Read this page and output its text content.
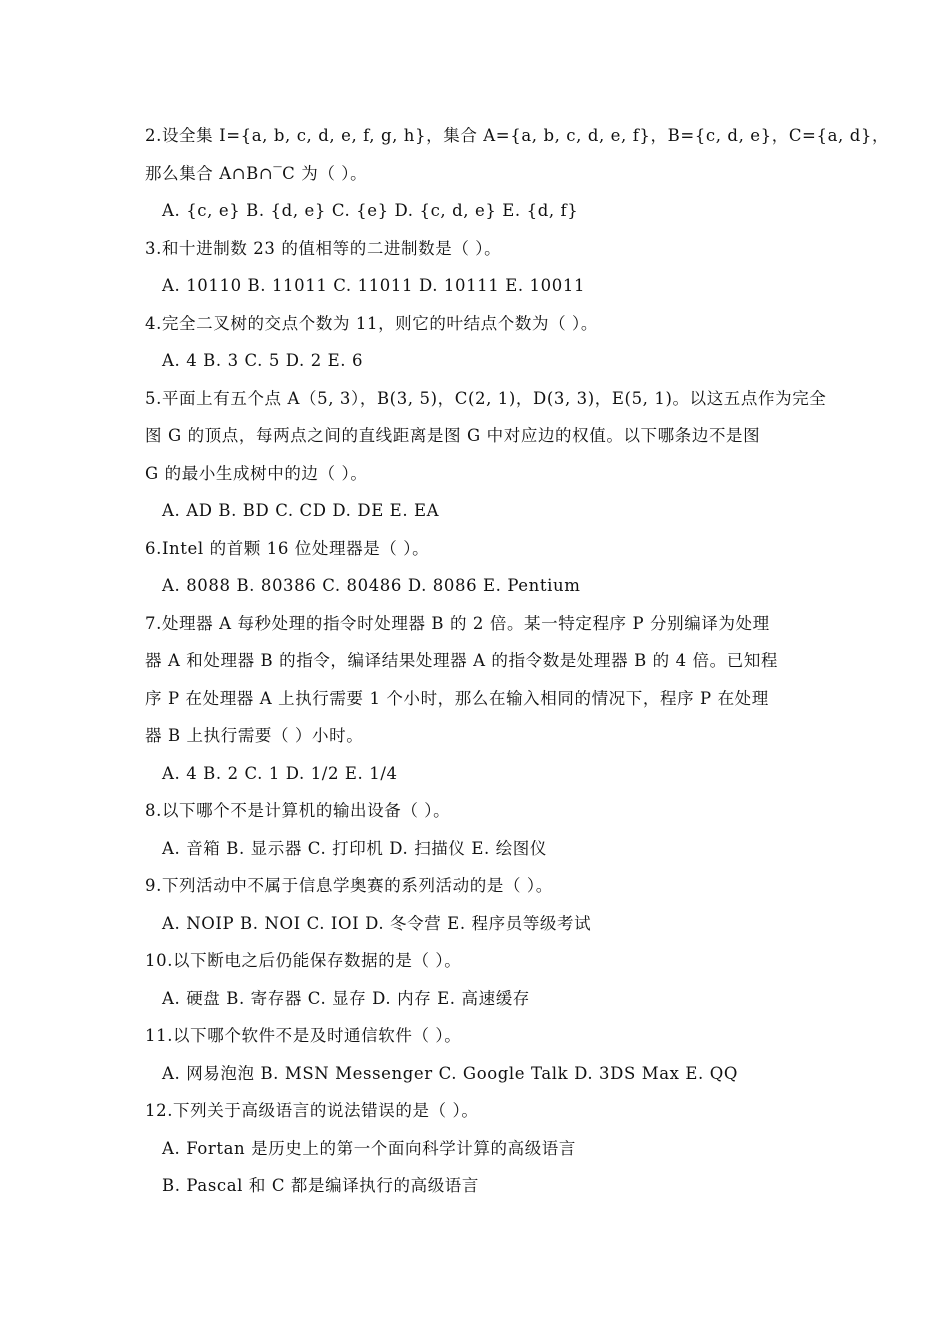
2.设全集 I={a, b, c, d, e, f, g, h}，集合 A={a, b, c, d, e, f}，B={c, d, e}，C={a, d}，
那么集合 A∩B∩‾C 为（ ）。
A. {c, e} B. {d, e} C. {e} D. {c, d, e} E. {d, f}
3.和十进制数 23 的值相等的二进制数是（ ）。
A. 10110 B. 11011 C. 11011 D. 10111 E. 10011
4.完全二叉树的交点个数为 11，则它的叶结点个数为（ ）。
A. 4 B. 3 C. 5 D. 2 E. 6
5.平面上有五个点 A（5, 3），B(3, 5)，C(2, 1)，D(3, 3)，E(5, 1)。以这五点作为完全
图 G 的顶点，每两点之间的直线距离是图 G 中对应边的权值。以下哪条边不是图
G 的最小生成树中的边（ ）。
A. AD B. BD C. CD D. DE E. EA
6.Intel 的首颗 16 位处理器是（ ）。
A. 8088 B. 80386 C. 80486 D. 8086 E. Pentium
7.处理器 A 每秒处理的指令时处理器 B 的 2 倍。某一特定程序 P 分别编译为处理
器 A 和处理器 B 的指令，编译结果处理器 A 的指令数是处理器 B 的 4 倍。已知程
序 P 在处理器 A 上执行需要 1 个小时，那么在输入相同的情况下，程序 P 在处理
器 B 上执行需要（ ）小时。
A. 4 B. 2 C. 1 D. 1/2 E. 1/4
8.以下哪个不是计算机的输出设备（ ）。
A. 音箱 B. 显示器 C. 打印机 D. 扫描仪 E. 绘图仪
9.下列活动中不属于信息学奥赛的系列活动的是（ ）。
A. NOIP B. NOI C. IOI D. 冬令营 E. 程序员等级考试
10.以下断电之后仍能保存数据的是（ ）。
A. 硬盘 B. 寄存器 C. 显存 D. 内存 E. 高速缓存
11.以下哪个软件不是及时通信软件（ ）。
A. 网易泡泡 B. MSN Messenger C. Google Talk D. 3DS Max E. QQ
12.下列关于高级语言的说法错误的是（ ）。
A. Fortan 是历史上的第一个面向科学计算的高级语言
B. Pascal 和 C 都是编译执行的高级语言
